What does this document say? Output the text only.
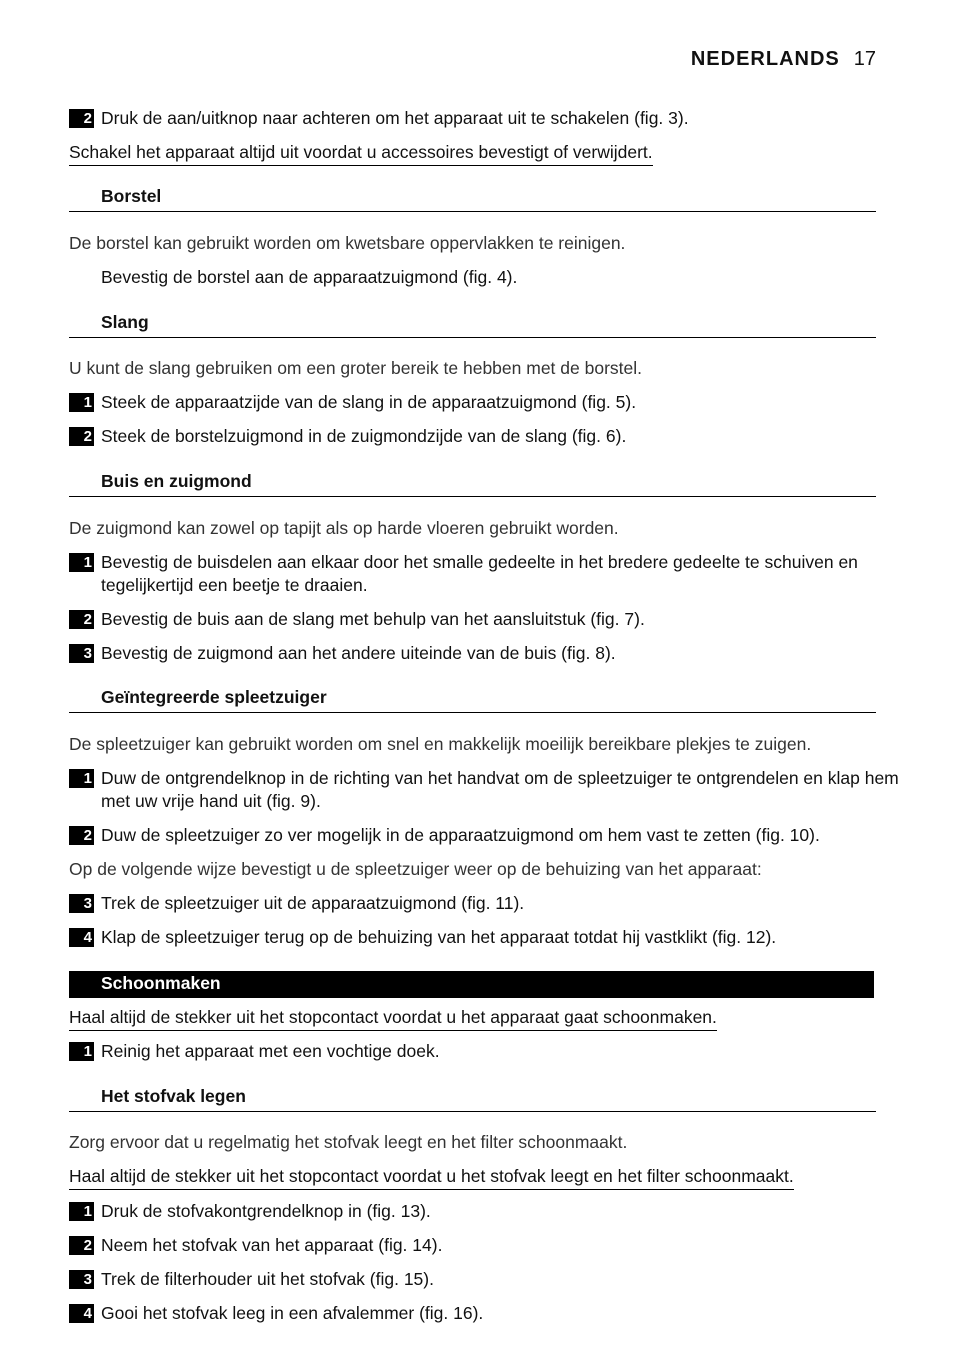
NEDERLANDS 17
2 Druk de aan/uitknop naar achteren om het apparaat uit te schakelen (fig. 3).
Schakel het apparaat altijd uit voordat u accessoires bevestigt of verwijdert.
Borstel
De borstel kan gebruikt worden om kwetsbare oppervlakken te reinigen.
Bevestig de borstel aan de apparaatzuigmond (fig. 4).
Slang
U kunt de slang gebruiken om een groter bereik te hebben met de borstel.
1 Steek de apparaatzijde van de slang in de apparaatzuigmond (fig. 5).
2 Steek de borstelzuigmond in de zuigmondzijde van de slang (fig. 6).
Buis en zuigmond
De zuigmond kan zowel op tapijt als op harde vloeren gebruikt worden.
1 Bevestig de buisdelen aan elkaar door het smalle gedeelte in het bredere gedeelte te schuiven en tegelijkertijd een beetje te draaien.
2 Bevestig de buis aan de slang met behulp van het aansluitstuk (fig. 7).
3 Bevestig de zuigmond aan het andere uiteinde van de buis (fig. 8).
Geïntegreerde spleetzuiger
De spleetzuiger kan gebruikt worden om snel en makkelijk moeilijk bereikbare plekjes te zuigen.
1 Duw de ontgrendelknop in de richting van het handvat om de spleetzuiger te ontgrendelen en klap hem met uw vrije hand uit (fig. 9).
2 Duw de spleetzuiger zo ver mogelijk in de apparaatzuigmond om hem vast te zetten (fig. 10).
Op de volgende wijze bevestigt u de spleetzuiger weer op de behuizing van het apparaat:
3 Trek de spleetzuiger uit de apparaatzuigmond (fig. 11).
4 Klap de spleetzuiger terug op de behuizing van het apparaat totdat hij vastklikt (fig. 12).
Schoonmaken
Haal altijd de stekker uit het stopcontact voordat u het apparaat gaat schoonmaken.
1 Reinig het apparaat met een vochtige doek.
Het stofvak legen
Zorg ervoor dat u regelmatig het stofvak leegt en het filter schoonmaakt.
Haal altijd de stekker uit het stopcontact voordat u het stofvak leegt en het filter schoonmaakt.
1 Druk de stofvakontgrendelknop in (fig. 13).
2 Neem het stofvak van het apparaat (fig. 14).
3 Trek de filterhouder uit het stofvak (fig. 15).
4 Gooi het stofvak leeg in een afvalemmer (fig. 16).
